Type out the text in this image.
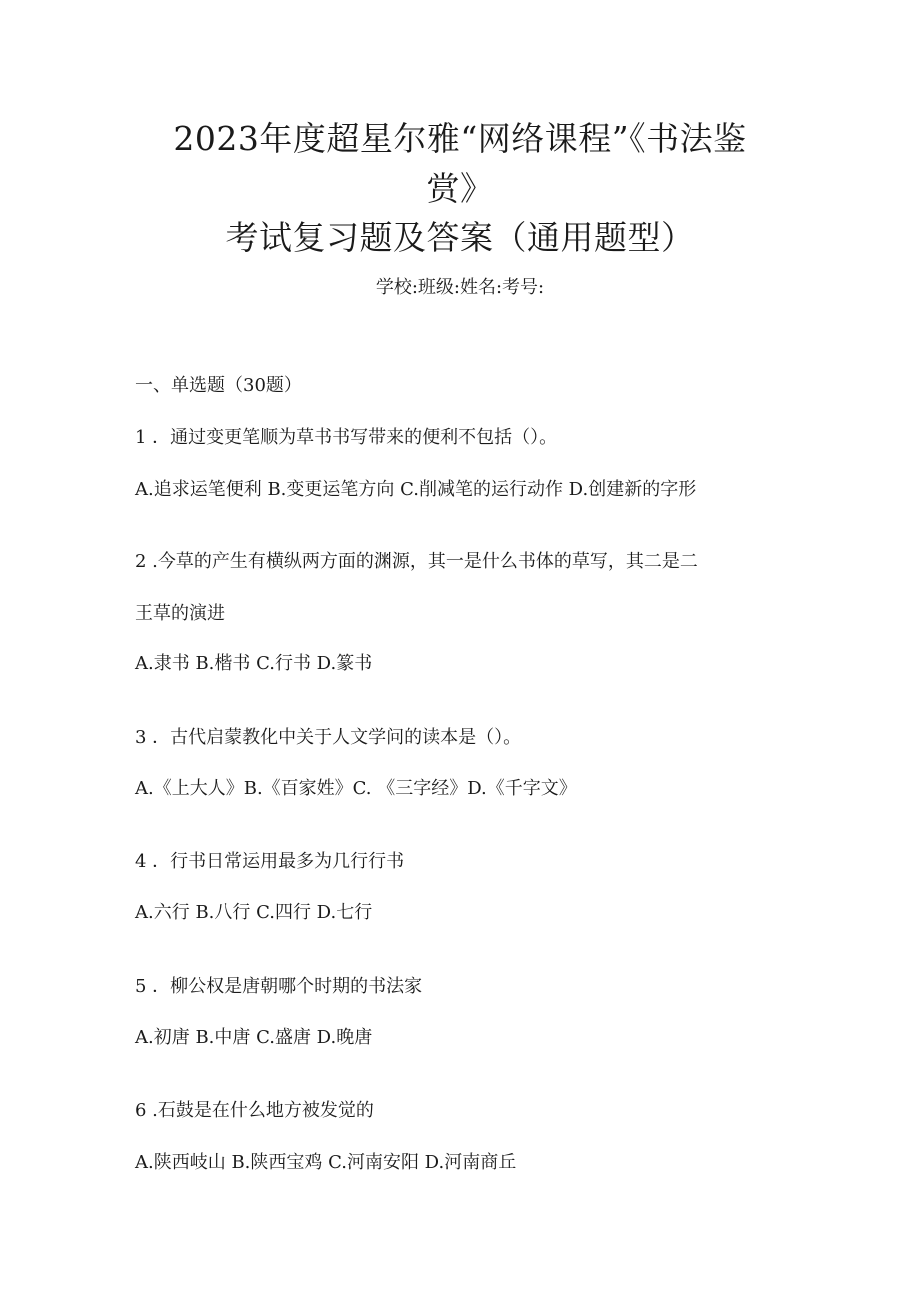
2023年度超星尔雅“网络课程”《书法鉴
赏》
考试复习题及答案（通用题型）
学校:班级:姓名:考号:
一、单选题（30题）
1 ．通过变更笔顺为草书书写带来的便利不包括（）。
A.追求运笔便利 B.变更运笔方向 C.削减笔的运行动作 D.创建新的字形
2 .今草的产生有横纵两方面的渊源，其一是什么书体的草写，其二是二
王草的演进
A.隶书 B.楷书 C.行书 D.篆书
3 ．古代启蒙教化中关于人文学问的读本是（）。
A.《上大人》B.《百家姓》C. 《三字经》D.《千字文》
4 ．行书日常运用最多为几行行书
A.六行 B.八行 C.四行 D.七行
5 ．柳公权是唐朝哪个时期的书法家
A.初唐 B.中唐 C.盛唐 D.晚唐
6 .石鼓是在什么地方被发觉的
A.陕西岐山 B.陕西宝鸡 C.河南安阳 D.河南商丘
